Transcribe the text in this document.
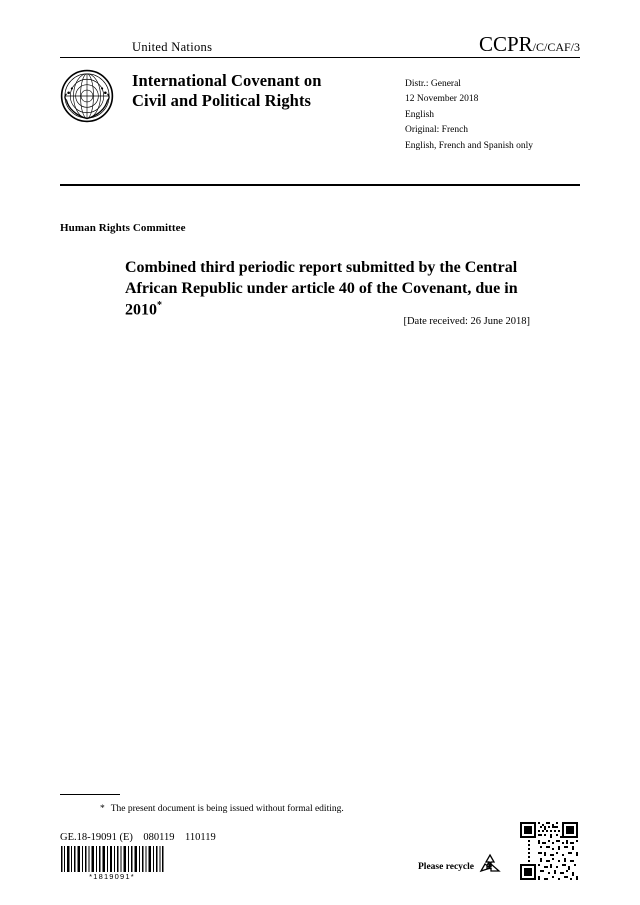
United Nations	CCPR/C/CAF/3
International Covenant on
Civil and Political Rights
Distr.: General
12 November 2018
English
Original: French
English, French and Spanish only
Human Rights Committee
Combined third periodic report submitted by the Central African Republic under article 40 of the Covenant, due in 2010*
[Date received: 26 June 2018]
* The present document is being issued without formal editing.
GE.18-19091 (E)    080119    110119
*1819091*
Please recycle
